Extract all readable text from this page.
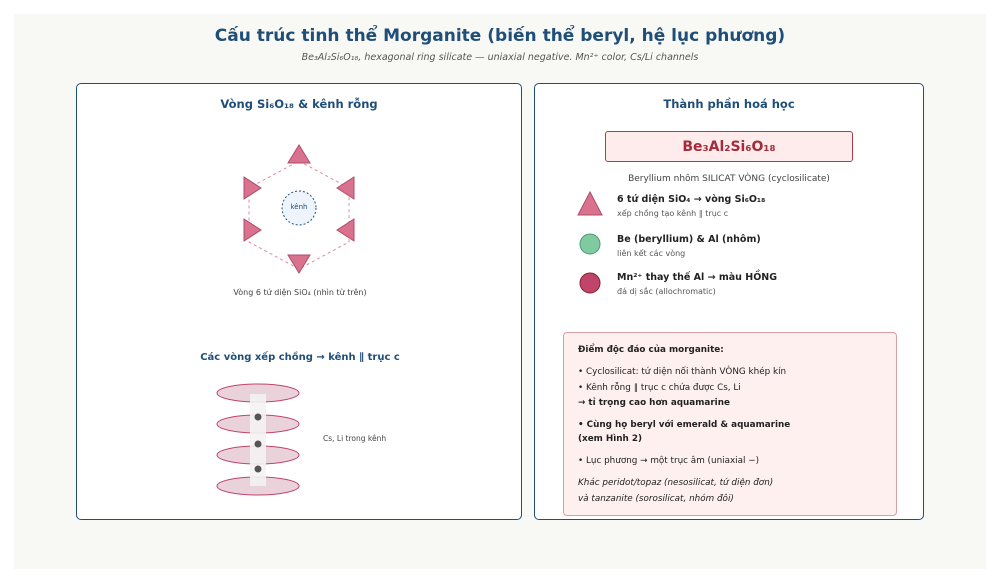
Cấu trúc tinh thể Morganite (biến thể beryl, hệ lục phương)
Be₃Al₂Si₆O₁₈, hexagonal ring silicate — uniaxial negative. Mn²⁺ color, Cs/Li channels
Vòng Si₆O₁₈ & kênh rỗng
kênh
Vòng 6 tứ diện SiO₄ (nhìn từ trên)
Các vòng xếp chồng → kênh ∥ trục c
Cs, Li trong kênh
Thành phần hoá học
Be₃Al₂Si₆O₁₈
Beryllium nhôm SILICAT VÒNG (cyclosilicate)
6 tứ diện SiO₄ → vòng Si₆O₁₈
xếp chồng tạo kênh ∥ trục c
Be (beryllium) & Al (nhôm)
liên kết các vòng
Mn²⁺ thay thế Al → màu HỒNG
đá dị sắc (allochromatic)
Điểm độc đáo của morganite:
• Cyclosilicat: tứ diện nối thành VÒNG khép kín
• Kênh rỗng ∥ trục c chứa được Cs, Li
→ tỉ trọng cao hơn aquamarine
• Cùng họ beryl với emerald & aquamarine
(xem Hình 2)
• Lục phương → một trục âm (uniaxial −)
Khác peridot/topaz (nesosilicat, tứ diện đơn)
và tanzanite (sorosilicat, nhóm đôi)
